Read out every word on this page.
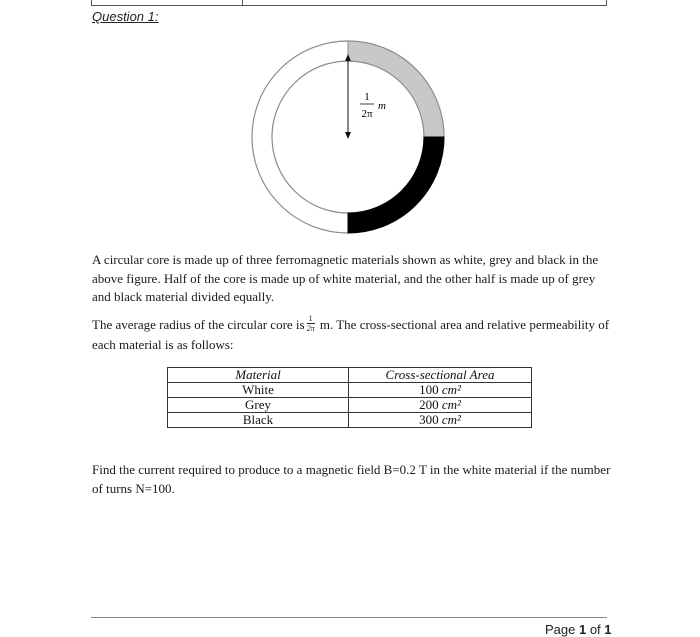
Question 1:
1
2π
m
A circular core is made up of three ferromagnetic materials shown as white, grey and black in the above figure. Half of the core is made up of white material, and the other half is made up of grey and black material divided equally.
The average radius of the circular core is $\frac{1}{2\pi} m$. The cross-sectional area and relative permeability of each material is as follows:
Material	Cross-sectional Area
White	100 cm²
Grey	200 cm²
Black	300 cm²
Find the current required to produce to a magnetic field B=0.2 T in the white material if the number of turns N=100.
Page 1 of 1
